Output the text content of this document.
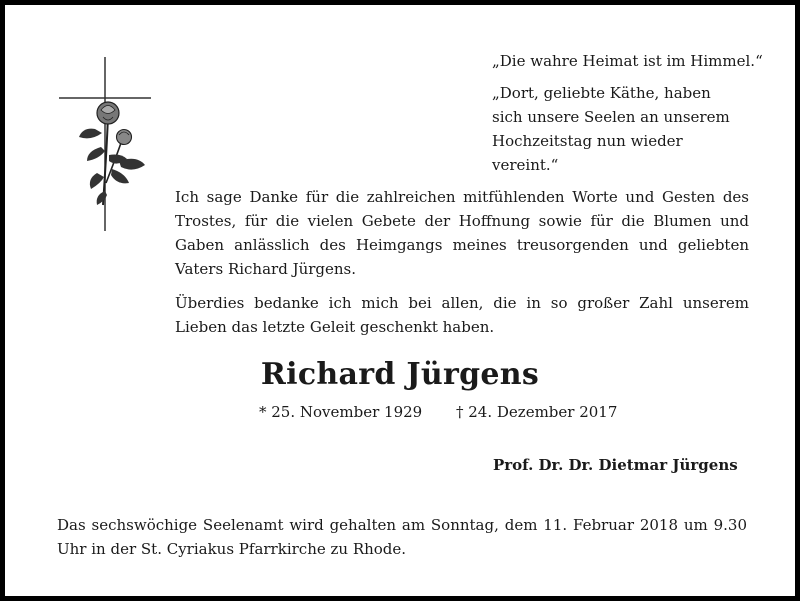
„Die wahre Heimat ist im Himmel.“

„Dort, geliebte Käthe, haben sich unsere Seelen an unserem Hochzeitstag nun wieder vereint.“

Ich sage Danke für die zahlreichen mitfühlenden Worte und Gesten des Trostes, für die vielen Gebete der Hoffnung sowie für die Blumen und Gaben anlässlich des Heimgangs meines treusorgenden und geliebten Vaters Richard Jürgens.

Überdies bedanke ich mich bei allen, die in so großer Zahl unserem Lieben das letzte Geleit geschenkt haben.

Richard Jürgens
* 25. November 1929 † 24. Dezember 2017
Prof. Dr. Dr. Dietmar Jürgens
Das sechswöchige Seelenamt wird gehalten am Sonntag, dem 11. Februar 2018 um 9.30 Uhr in der St. Cyriakus Pfarrkirche zu Rhode.
